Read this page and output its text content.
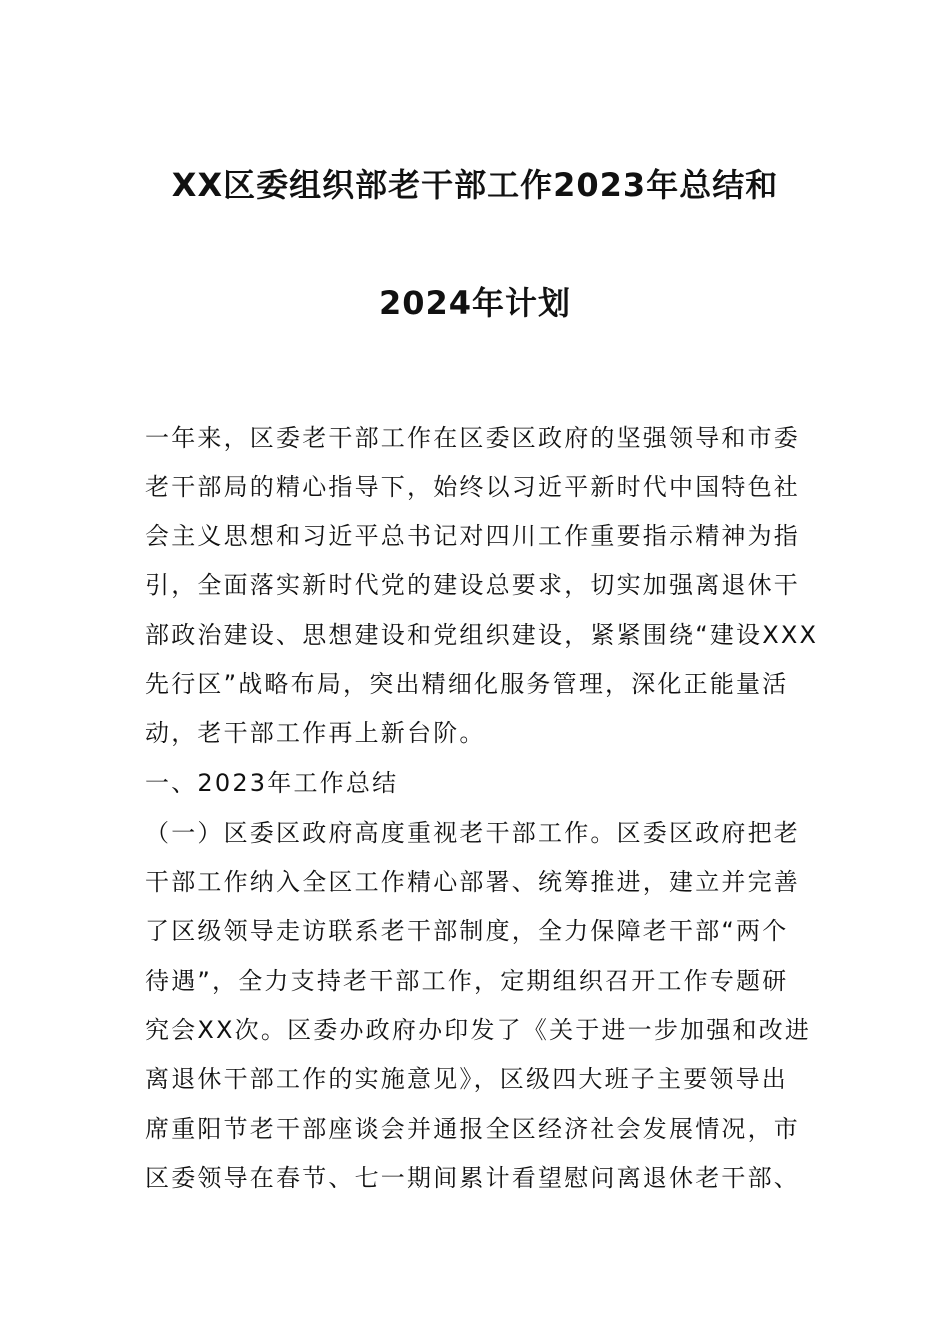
XX区委组织部老干部工作2023年总结和
2024年计划
一年来，区委老干部工作在区委区政府的坚强领导和市委
老干部局的精心指导下，始终以习近平新时代中国特色社
会主义思想和习近平总书记对四川工作重要指示精神为指
引，全面落实新时代党的建设总要求，切实加强离退休干
部政治建设、思想建设和党组织建设，紧紧围绕“建设XXX
先行区”战略布局，突出精细化服务管理，深化正能量活
动，老干部工作再上新台阶。
一、2023年工作总结
（一）区委区政府高度重视老干部工作。区委区政府把老
干部工作纳入全区工作精心部署、统筹推进，建立并完善
了区级领导走访联系老干部制度，全力保障老干部“两个
待遇”，全力支持老干部工作，定期组织召开工作专题研
究会XX次。区委办政府办印发了《关于进一步加强和改进
离退休干部工作的实施意见》，区级四大班子主要领导出
席重阳节老干部座谈会并通报全区经济社会发展情况，市
区委领导在春节、七一期间累计看望慰问离退休老干部、
